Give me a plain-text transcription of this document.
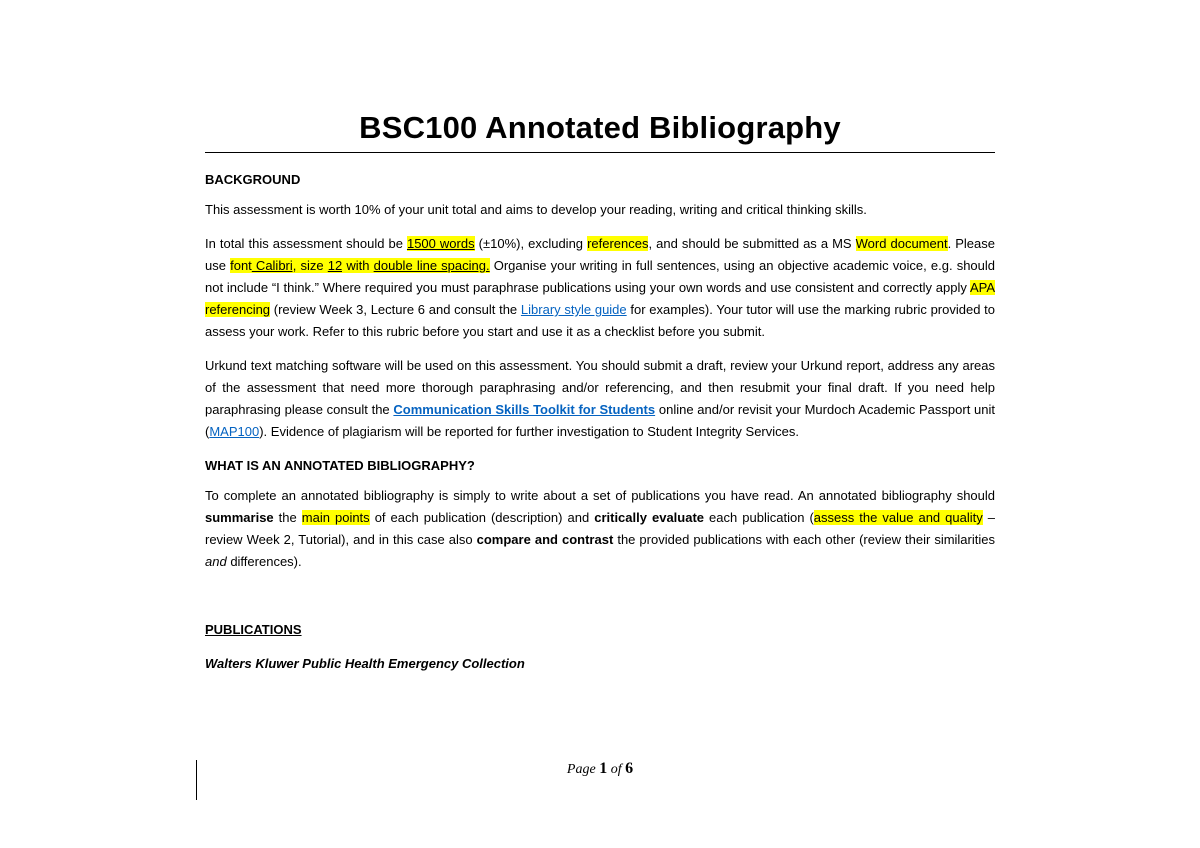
BSC100 Annotated Bibliography
BACKGROUND

This assessment is worth 10% of your unit total and aims to develop your reading, writing and critical thinking skills.

In total this assessment should be 1500 words (±10%), excluding references, and should be submitted as a MS Word document. Please use font Calibri, size 12 with double line spacing. Organise your writing in full sentences, using an objective academic voice, e.g. should not include “I think.” Where required you must paraphrase publications using your own words and use consistent and correctly apply APA referencing (review Week 3, Lecture 6 and consult the Library style guide for examples). Your tutor will use the marking rubric provided to assess your work. Refer to this rubric before you start and use it as a checklist before you submit.

Urkund text matching software will be used on this assessment. You should submit a draft, review your Urkund report, address any areas of the assessment that need more thorough paraphrasing and/or referencing, and then resubmit your final draft. If you need help paraphrasing please consult the Communication Skills Toolkit for Students online and/or revisit your Murdoch Academic Passport unit (MAP100). Evidence of plagiarism will be reported for further investigation to Student Integrity Services.

WHAT IS AN ANNOTATED BIBLIOGRAPHY?

To complete an annotated bibliography is simply to write about a set of publications you have read. An annotated bibliography should summarise the main points of each publication (description) and critically evaluate each publication (assess the value and quality – review Week 2, Tutorial), and in this case also compare and contrast the provided publications with each other (review their similarities and differences).

PUBLICATIONS

Walters Kluwer Public Health Emergency Collection

Page 1 of 6
